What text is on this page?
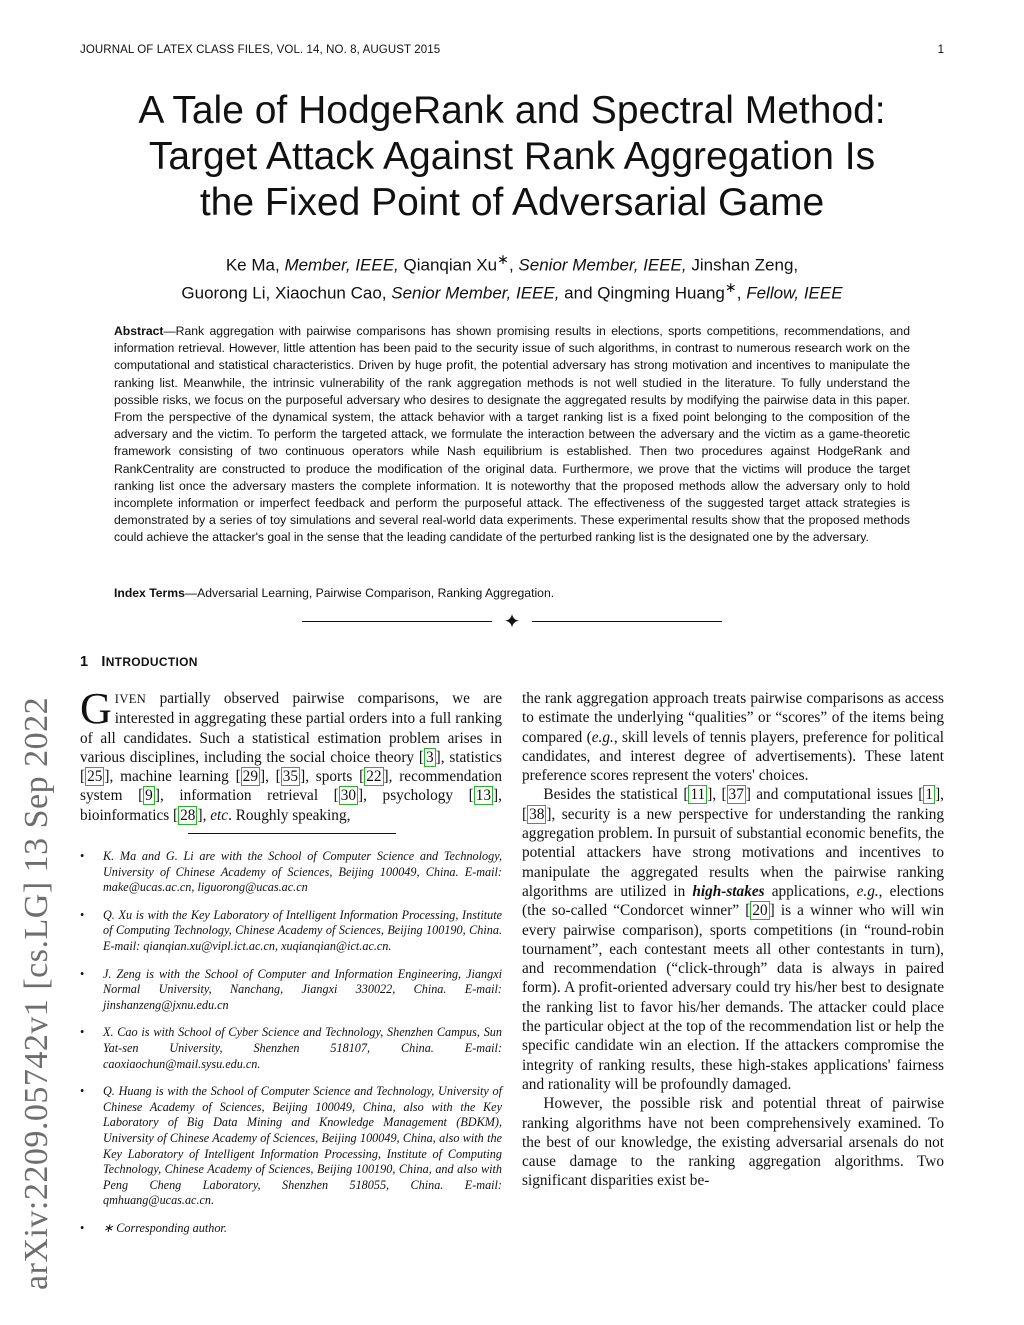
JOURNAL OF LATEX CLASS FILES, VOL. 14, NO. 8, AUGUST 2015	1
A Tale of HodgeRank and Spectral Method:
Target Attack Against Rank Aggregation Is
the Fixed Point of Adversarial Game
Ke Ma, Member, IEEE, Qianqian Xu∗, Senior Member, IEEE, Jinshan Zeng,
Guorong Li, Xiaochun Cao, Senior Member, IEEE, and Qingming Huang∗, Fellow, IEEE
Abstract—Rank aggregation with pairwise comparisons has shown promising results in elections, sports competitions, recommendations, and information retrieval. However, little attention has been paid to the security issue of such algorithms, in contrast to numerous research work on the computational and statistical characteristics. Driven by huge profit, the potential adversary has strong motivation and incentives to manipulate the ranking list. Meanwhile, the intrinsic vulnerability of the rank aggregation methods is not well studied in the literature. To fully understand the possible risks, we focus on the purposeful adversary who desires to designate the aggregated results by modifying the pairwise data in this paper. From the perspective of the dynamical system, the attack behavior with a target ranking list is a fixed point belonging to the composition of the adversary and the victim. To perform the targeted attack, we formulate the interaction between the adversary and the victim as a game-theoretic framework consisting of two continuous operators while Nash equilibrium is established. Then two procedures against HodgeRank and RankCentrality are constructed to produce the modification of the original data. Furthermore, we prove that the victims will produce the target ranking list once the adversary masters the complete information. It is noteworthy that the proposed methods allow the adversary only to hold incomplete information or imperfect feedback and perform the purposeful attack. The effectiveness of the suggested target attack strategies is demonstrated by a series of toy simulations and several real-world data experiments. These experimental results show that the proposed methods could achieve the attacker's goal in the sense that the leading candidate of the perturbed ranking list is the designated one by the adversary.
Index Terms—Adversarial Learning, Pairwise Comparison, Ranking Aggregation.
✦
arXiv:2209.05742v1 [cs.LG] 13 Sep 2022
1 INTRODUCTION

GIVEN partially observed pairwise comparisons, we are interested in aggregating these partial orders into a full ranking of all candidates. Such a statistical estimation problem arises in various disciplines, including the social choice theory [ 3 ], statistics [ 25 ], machine learning [ 29 ], [ 35 ], sports [ 22 ], recommendation system [ 9 ], information retrieval [ 30 ], psychology [ 13 ], bioinformatics [ 28 ], etc. Roughly speaking,

• K. Ma and G. Li are with the School of Computer Science and Technology, University of Chinese Academy of Sciences, Beijing 100049, China. E-mail: make@ucas.ac.cn, liguorong@ucas.ac.cn
• Q. Xu is with the Key Laboratory of Intelligent Information Processing, Institute of Computing Technology, Chinese Academy of Sciences, Beijing 100190, China. E-mail: qianqian.xu@vipl.ict.ac.cn, xuqianqian@ict.ac.cn.
• J. Zeng is with the School of Computer and Information Engineering, Jiangxi Normal University, Nanchang, Jiangxi 330022, China. E-mail: jinshanzeng@jxnu.edu.cn
• X. Cao is with School of Cyber Science and Technology, Shenzhen Campus, Sun Yat-sen University, Shenzhen 518107, China. E-mail: caoxiaochun@mail.sysu.edu.cn.
• Q. Huang is with the School of Computer Science and Technology, University of Chinese Academy of Sciences, Beijing 100049, China, also with the Key Laboratory of Big Data Mining and Knowledge Management (BDKM), University of Chinese Academy of Sciences, Beijing 100049, China, also with the Key Laboratory of Intelligent Information Processing, Institute of Computing Technology, Chinese Academy of Sciences, Beijing 100190, China, and also with Peng Cheng Laboratory, Shenzhen 518055, China. E-mail: qmhuang@ucas.ac.cn.
• ∗ Corresponding author.

the rank aggregation approach treats pairwise comparisons as access to estimate the underlying “qualities” or “scores” of the items being compared (e.g., skill levels of tennis players, preference for political candidates, and interest degree of advertisements). These latent preference scores represent the voters' choices.

Besides the statistical [ 11 ], [ 37 ] and computational issues [ 1 ], [ 38 ], security is a new perspective for understanding the ranking aggregation problem. In pursuit of substantial economic benefits, the potential attackers have strong motivations and incentives to manipulate the aggregated results when the pairwise ranking algorithms are utilized in high-stakes applications, e.g., elections (the so-called “Condorcet winner” [ 20 ] is a winner who will win every pairwise comparison), sports competitions (in “round-robin tournament”, each contestant meets all other contestants in turn), and recommendation (“click-through” data is always in paired form). A profit-oriented adversary could try his/her best to designate the ranking list to favor his/her demands. The attacker could place the particular object at the top of the recommendation list or help the specific candidate win an election. If the attackers compromise the integrity of ranking results, these high-stakes applications' fairness and rationality will be profoundly damaged.

However, the possible risk and potential threat of pairwise ranking algorithms have not been comprehensively examined. To the best of our knowledge, the existing adversarial arsenals do not cause damage to the ranking aggregation algorithms. Two significant disparities exist be-
